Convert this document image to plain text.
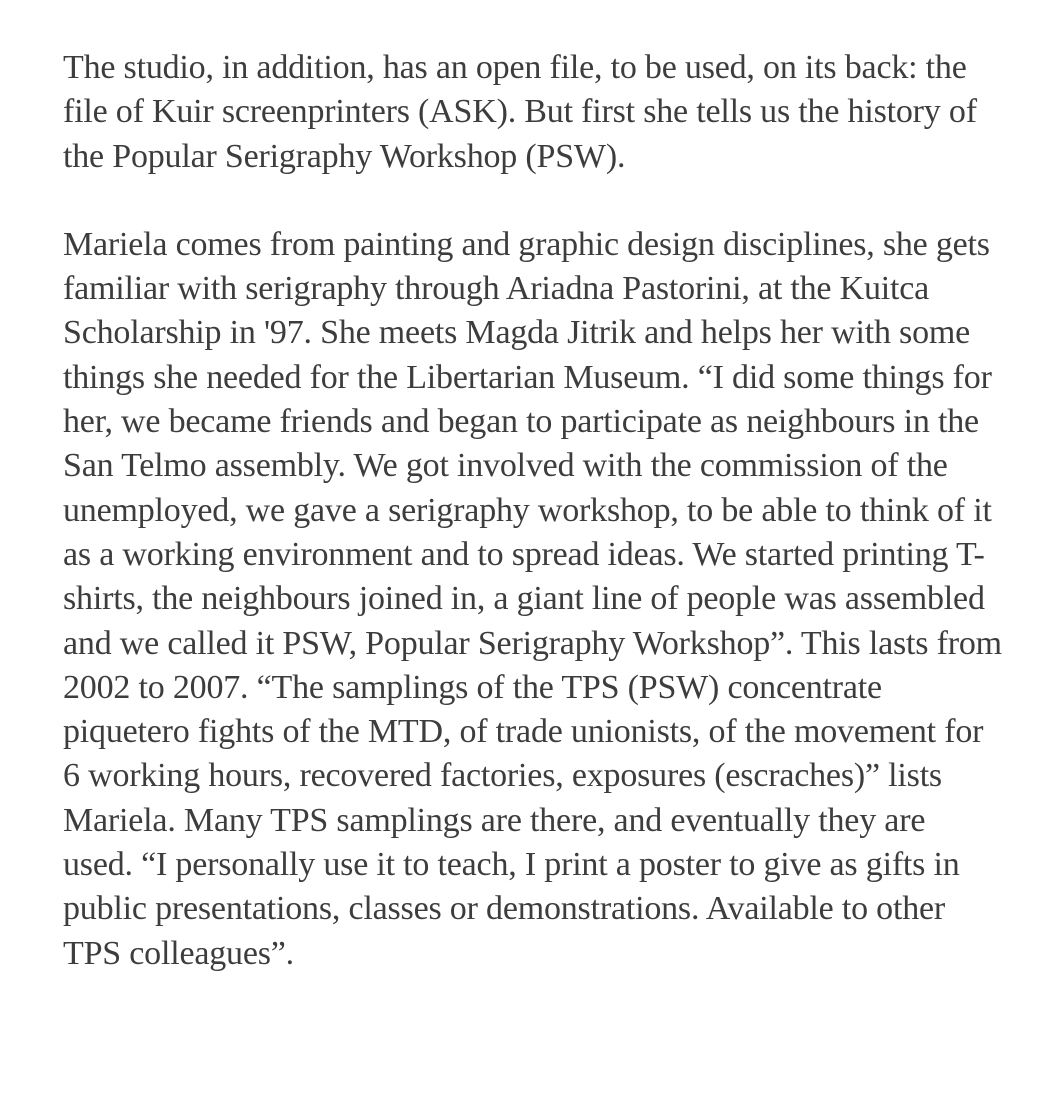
The studio, in addition, has an open file, to be used, on its back: the file of Kuir screenprinters (ASK). But first she tells us the history of the Popular Serigraphy Workshop (PSW).

Mariela comes from painting and graphic design disciplines, she gets familiar with serigraphy through Ariadna Pastorini, at the Kuitca Scholarship in '97. She meets Magda Jitrik and helps her with some things she needed for the Libertarian Museum. “I did some things for her, we became friends and began to participate as neighbours in the San Telmo assembly. We got involved with the commission of the unemployed, we gave a serigraphy workshop, to be able to think of it as a working environment and to spread ideas. We started printing T-shirts, the neighbours joined in, a giant line of people was assembled and we called it PSW, Popular Serigraphy Workshop”. This lasts from 2002 to 2007. “The samplings of the TPS (PSW) concentrate piquetero fights of the MTD, of trade unionists, of the movement for 6 working hours, recovered factories, exposures (escraches)” lists Mariela. Many TPS samplings are there, and eventually they are used. “I personally use it to teach, I print a poster to give as gifts in public presentations, classes or demonstrations. Available to other TPS colleagues”.
